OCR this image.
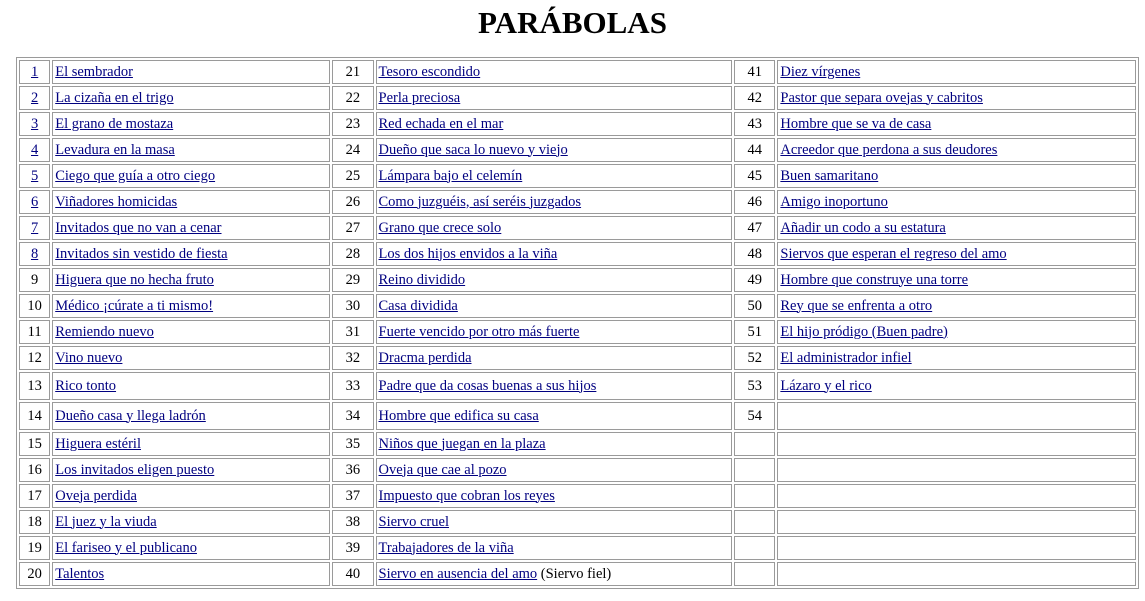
PARÁBOLAS
1	El sembrador	21	Tesoro escondido	41	Diez vírgenes
2	La cizaña en el trigo	22	Perla preciosa	42	Pastor que separa ovejas y cabritos
3	El grano de mostaza	23	Red echada en el mar	43	Hombre que se va de casa
4	Levadura en la masa	24	Dueño que saca lo nuevo y viejo	44	Acreedor que perdona a sus deudores
5	Ciego que guía a otro ciego	25	Lámpara bajo el celemín	45	Buen samaritano
6	Viñadores homicidas	26	Como juzguéis, así seréis juzgados	46	Amigo inoportuno
7	Invitados que no van a cenar	27	Grano que crece solo	47	Añadir un codo a su estatura
8	Invitados sin vestido de fiesta	28	Los dos hijos envidos a la viña	48	Siervos que esperan el regreso del amo
9	Higuera que no hecha fruto	29	Reino dividido	49	Hombre que construye una torre
10	Médico ¡cúrate a ti mismo!	30	Casa dividida	50	Rey que se enfrenta a otro
11	Remiendo nuevo	31	Fuerte vencido por otro más fuerte	51	El hijo pródigo (Buen padre)
12	Vino nuevo	32	Dracma perdida	52	El administrador infiel
13	Rico tonto	33	Padre que da cosas buenas a sus hijos	53	Lázaro y el rico
14	Dueño casa y llega ladrón	34	Hombre que edifica su casa	54	
15	Higuera estéril	35	Niños que juegan en la plaza		
16	Los invitados eligen puesto	36	Oveja que cae al pozo		
17	Oveja perdida	37	Impuesto que cobran los reyes		
18	El juez y la viuda	38	Siervo cruel		
19	El fariseo y el publicano	39	Trabajadores de la viña		
20	Talentos	40	Siervo en ausencia del amo (Siervo fiel)		
